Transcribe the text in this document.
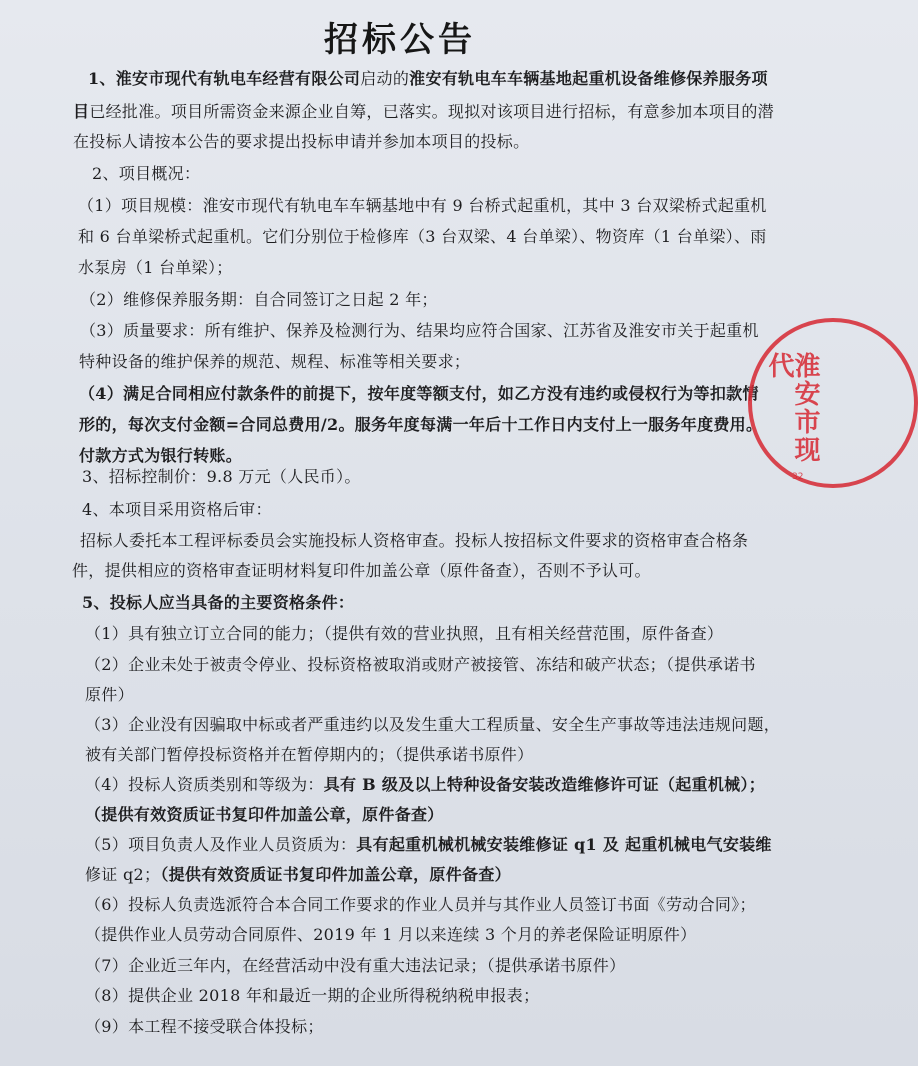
招标公告
1、淮安市现代有轨电车经营有限公司启动的淮安有轨电车车辆基地起重机设备维修保养服务项
目已经批准。项目所需资金来源企业自筹，已落实。现拟对该项目进行招标，有意参加本项目的潜
在投标人请按本公告的要求提出投标申请并参加本项目的投标。
2、项目概况：
（1）项目规模：淮安市现代有轨电车车辆基地中有 9 台桥式起重机，其中 3 台双梁桥式起重机
和 6 台单梁桥式起重机。它们分别位于检修库（3 台双梁、4 台单梁）、物资库（1 台单梁）、雨
水泵房（1 台单梁）；
（2）维修保养服务期：自合同签订之日起 2 年；
（3）质量要求：所有维护、保养及检测行为、结果均应符合国家、江苏省及淮安市关于起重机
特种设备的维护保养的规范、规程、标准等相关要求；
（4）满足合同相应付款条件的前提下，按年度等额支付，如乙方没有违约或侵权行为等扣款情
形的，每次支付金额=合同总费用/2。服务年度每满一年后十工作日内支付上一服务年度费用。
付款方式为银行转账。
3、招标控制价：9.8 万元（人民币）。
4、本项目采用资格后审：
招标人委托本工程评标委员会实施投标人资格审查。投标人按招标文件要求的资格审查合格条
件，提供相应的资格审查证明材料复印件加盖公章（原件备查），否则不予认可。
5、投标人应当具备的主要资格条件：
（1）具有独立订立合同的能力；（提供有效的营业执照，且有相关经营范围，原件备查）
（2）企业未处于被责令停业、投标资格被取消或财产被接管、冻结和破产状态；（提供承诺书
原件）
（3）企业没有因骗取中标或者严重违约以及发生重大工程质量、安全生产事故等违法违规问题，
被有关部门暂停投标资格并在暂停期内的；（提供承诺书原件）
（4）投标人资质类别和等级为：具有 B 级及以上特种设备安装改造维修许可证（起重机械）；
（提供有效资质证书复印件加盖公章，原件备查）
（5）项目负责人及作业人员资质为：具有起重机械机械安装维修证 q1 及 起重机械电气安装维
修证 q2；（提供有效资质证书复印件加盖公章，原件备查）
（6）投标人负责选派符合本合同工作要求的作业人员并与其作业人员签订书面《劳动合同》；
（提供作业人员劳动合同原件、2019 年 1 月以来连续 3 个月的养老保险证明原件）
（7）企业近三年内，在经营活动中没有重大违法记录；（提供承诺书原件）
（8）提供企业 2018 年和最近一期的企业所得税纳税申报表；
（9）本工程不接受联合体投标；
淮安市现代
32
